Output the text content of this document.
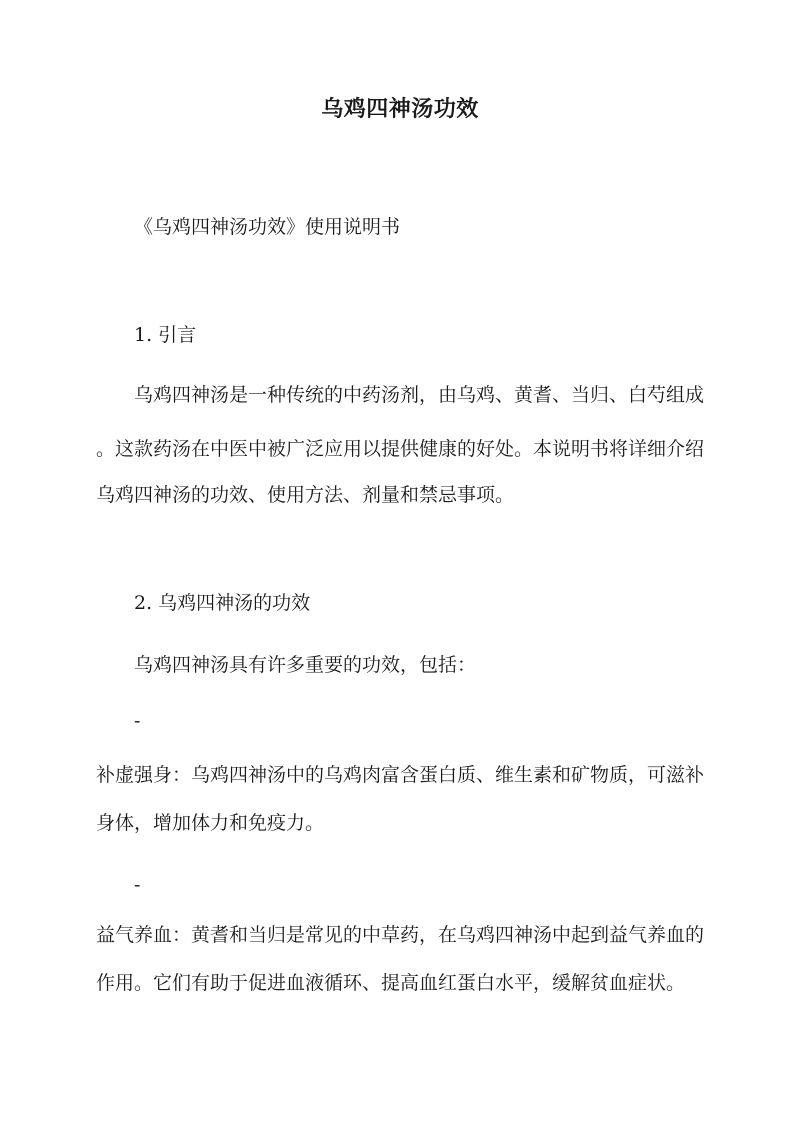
乌鸡四神汤功效
《乌鸡四神汤功效》使用说明书
1. 引言
乌鸡四神汤是一种传统的中药汤剂，由乌鸡、黄耆、当归、白芍组成
。这款药汤在中医中被广泛应用以提供健康的好处。本说明书将详细介绍
乌鸡四神汤的功效、使用方法、剂量和禁忌事项。
2. 乌鸡四神汤的功效
乌鸡四神汤具有许多重要的功效，包括：
-
补虚强身：乌鸡四神汤中的乌鸡肉富含蛋白质、维生素和矿物质，可滋补
身体，增加体力和免疫力。
-
益气养血：黄耆和当归是常见的中草药，在乌鸡四神汤中起到益气养血的
作用。它们有助于促进血液循环、提高血红蛋白水平，缓解贫血症状。
